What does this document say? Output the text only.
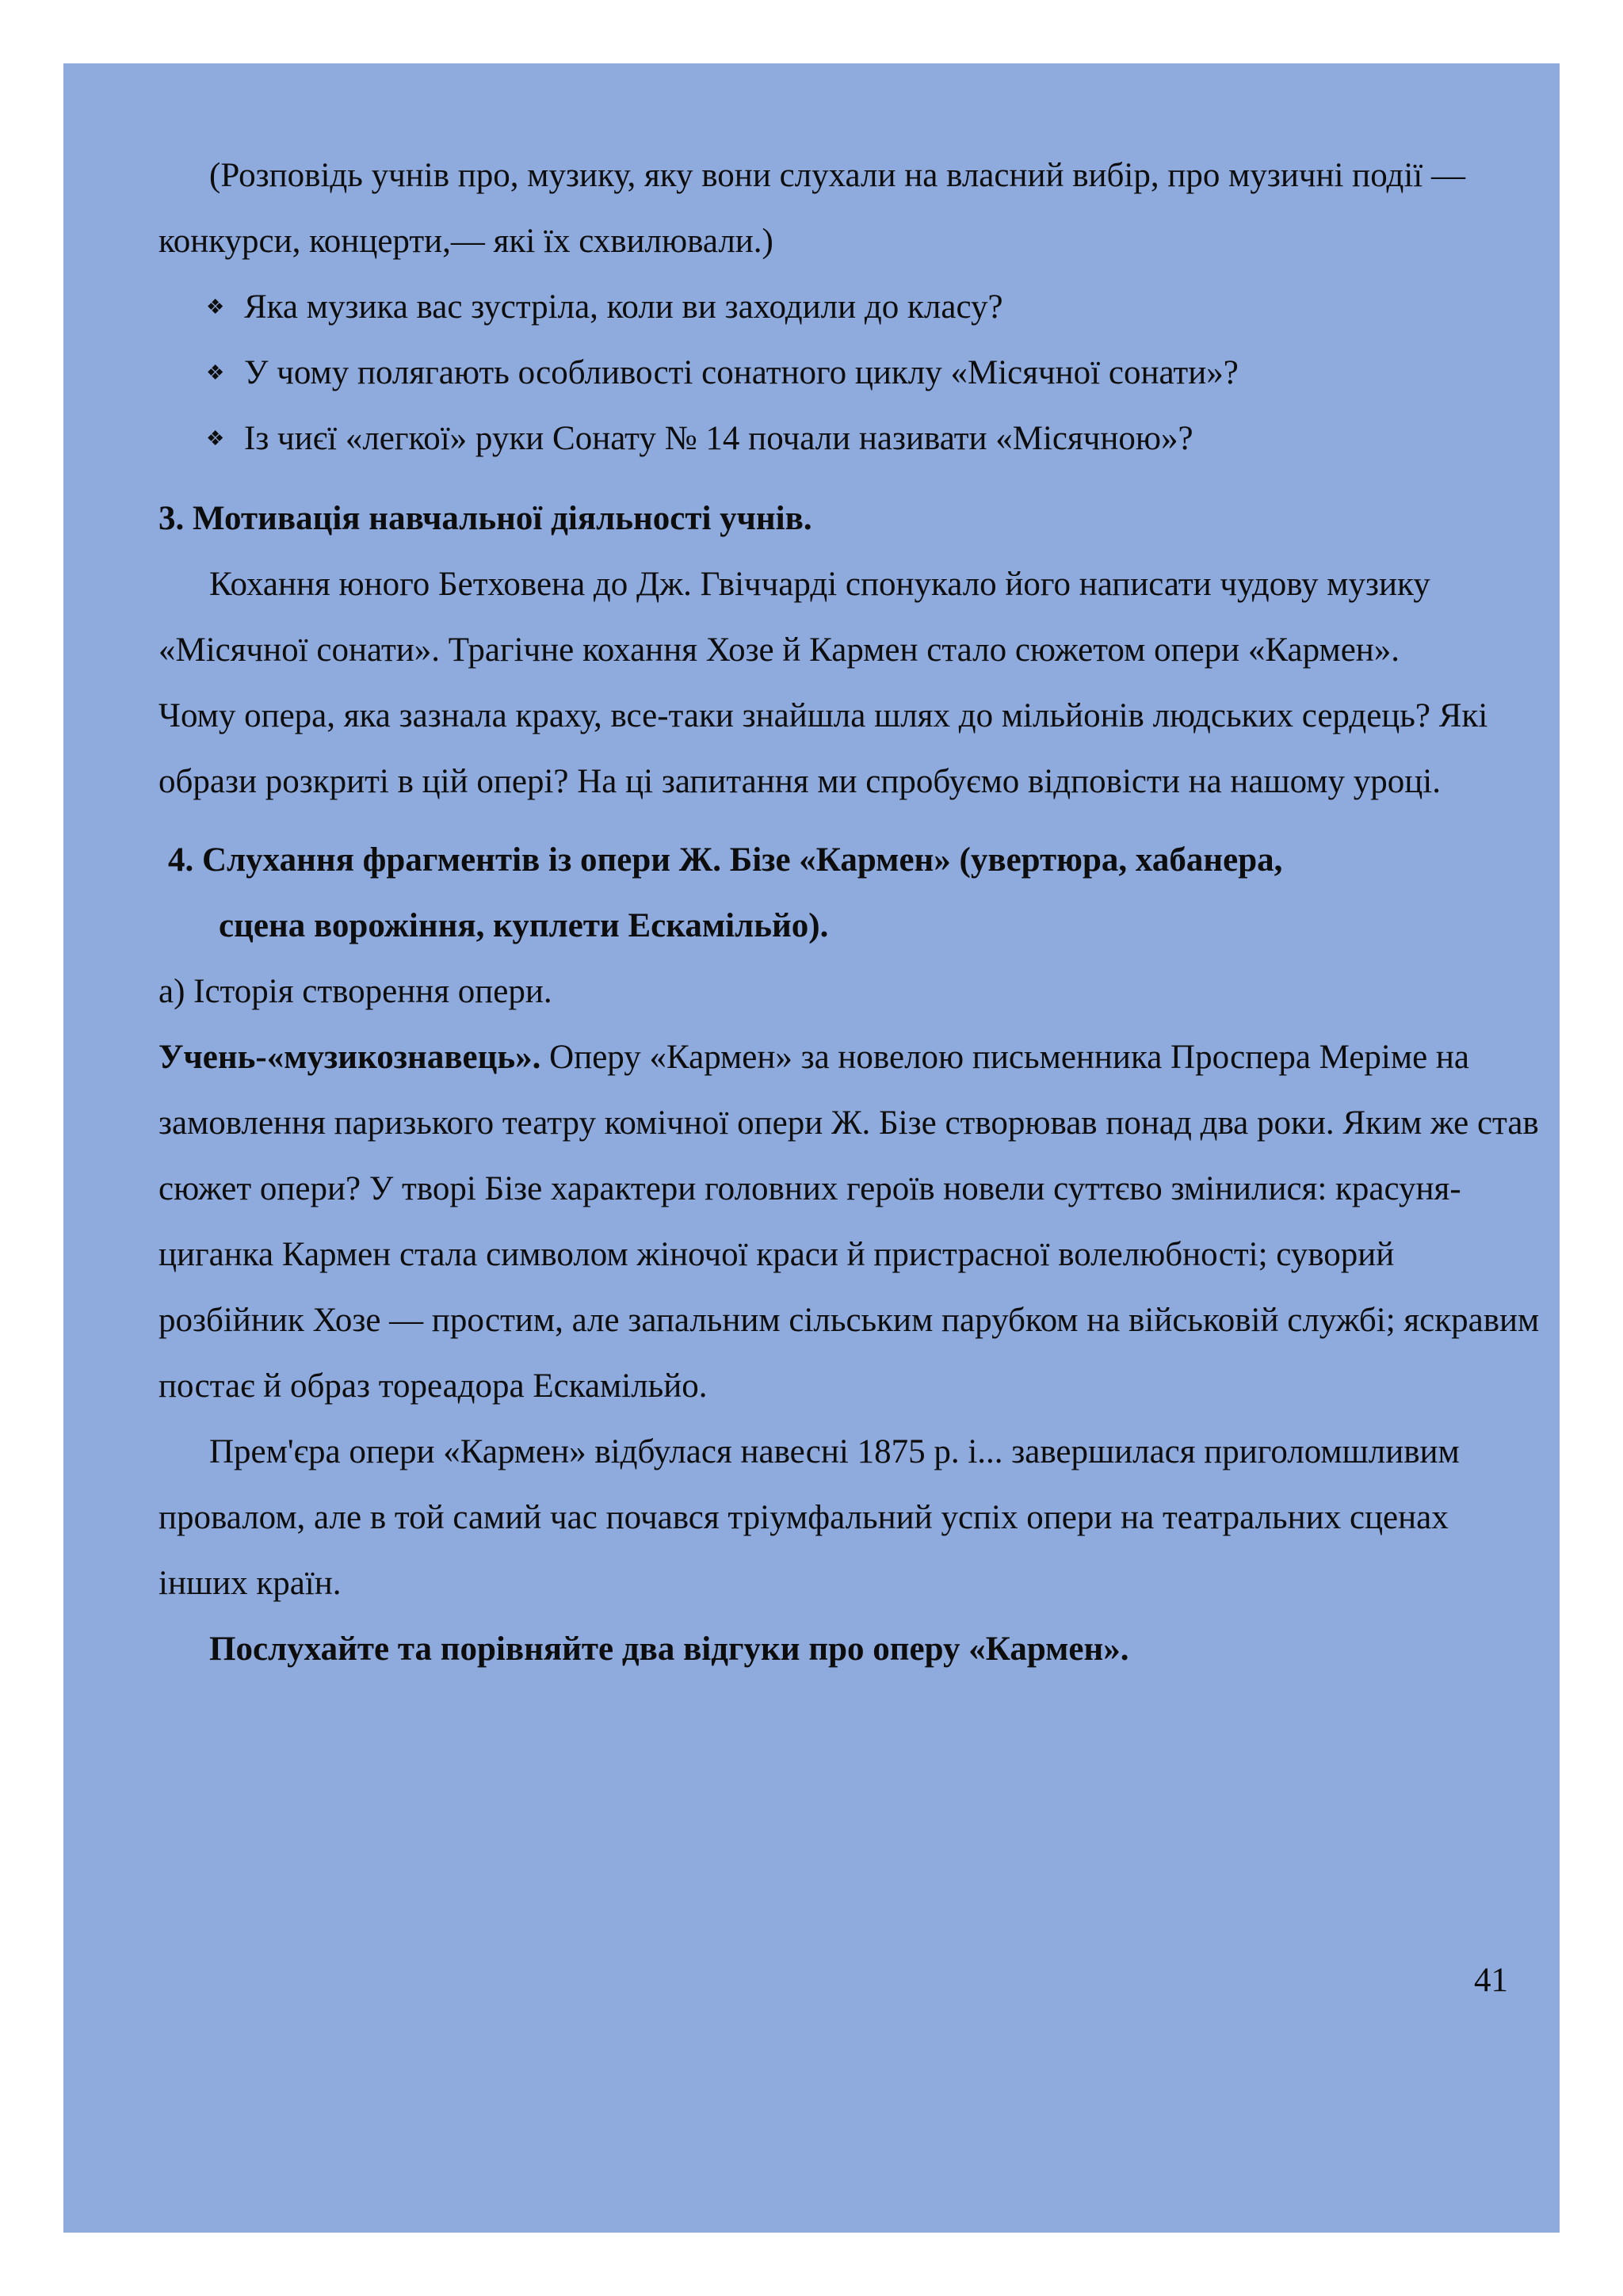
(Розповідь учнів про, музику, яку вони слухали на власний вибір, про музичні події — конкурси, концерти,— які їх схвилювали.)

❖ Яка музика вас зустріла, коли ви заходили до класу?
❖ У чому полягають особливості сонатного циклу «Місячної сонати»?
❖ Із чиєї «легкої» руки Сонату № 14 почали називати «Місячною»?

3. Мотивація навчальної діяльності учнів.

Кохання юного Бетховена до Дж. Гвіччарді спонукало його написати чудову музику «Місячної сонати». Трагічне кохання Хозе й Кармен стало сюжетом опери «Кармен».

Чому опера, яка зазнала краху, все-таки знайшла шлях до мільйонів людських сердець? Які образи розкриті в цій опері? На ці запитання ми спробуємо відповісти на нашому уроці.

4. Слухання фрагментів із опери Ж. Бізе «Кармен» (увертюра, хабанера,
сцена ворожіння, куплети Ескамільйо).

а) Історія створення опери.

Учень-«музикознавець». Оперу «Кармен» за новелою письменника Проспера Меріме на замовлення паризького театру комічної опери Ж. Бізе створював понад два роки. Яким же став сюжет опери? У творі Бізе характери головних героїв новели суттєво змінилися: красуня-циганка Кармен стала символом жіночої краси й пристрасної волелюбності; суворий розбійник Хозе — простим, але запальним сільським парубком на військовій службі; яскравим постає й образ тореадора Ескамільйо.

Прем'єра опери «Кармен» відбулася навесні 1875 р. і... завершилася приголомшливим провалом, але в той самий час почався тріумфальний успіх опери на театральних сценах інших країн.

Послухайте та порівняйте два відгуки про оперу «Кармен».

41
